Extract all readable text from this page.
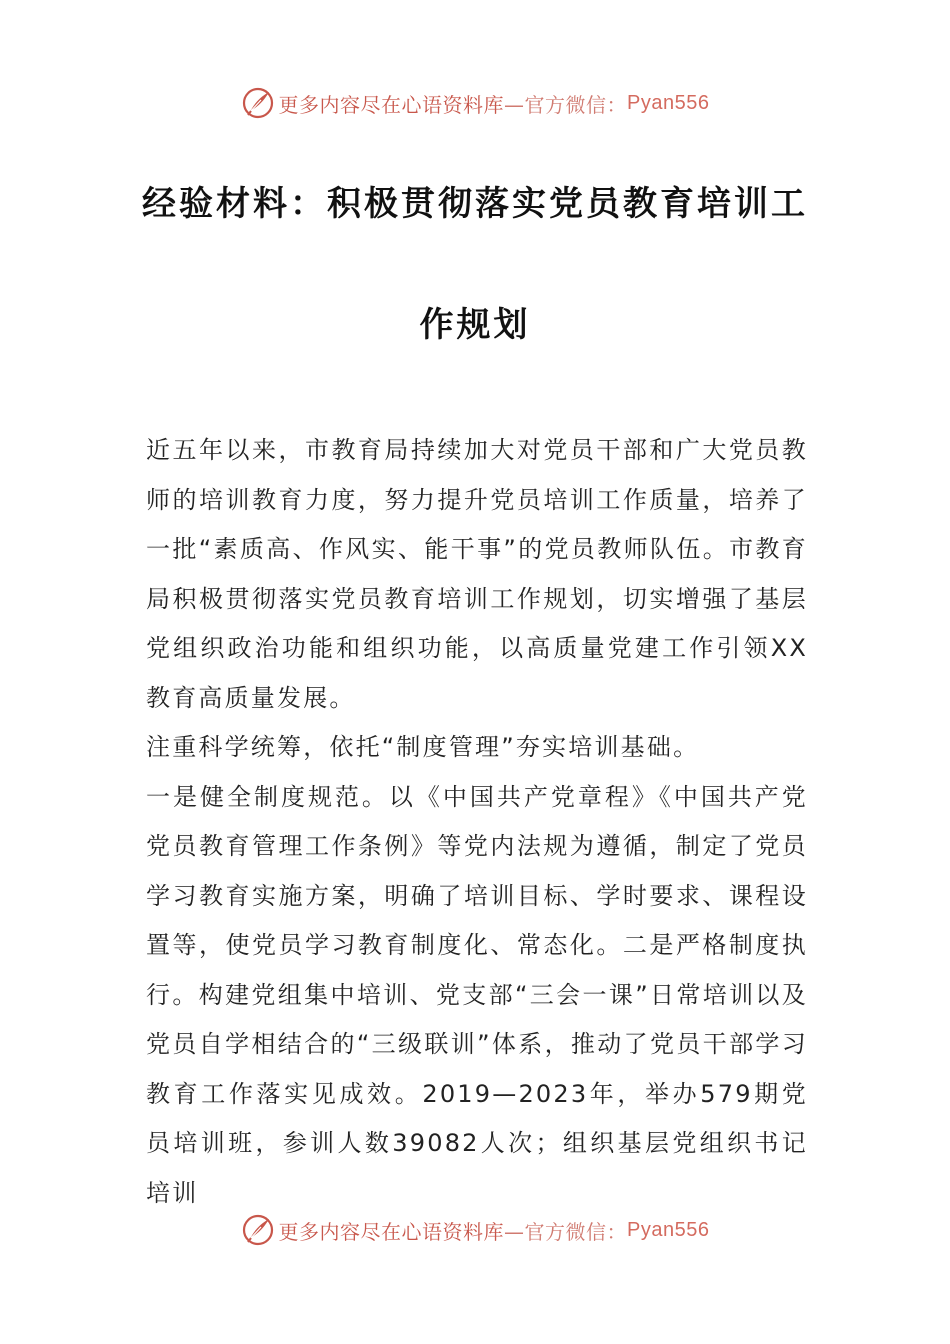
更多内容尽在心语资料库 —官方微信： Pyan556
经验材料：积极贯彻落实党员教育培训工
作规划

近五年以来，市教育局持续加大对党员干部和广大党员教师的培训教育力度，努力提升党员培训工作质量，培养了一批“素质高、作风实、能干事”的党员教师队伍。市教育局积极贯彻落实党员教育培训工作规划，切实增强了基层党组织政治功能和组织功能，以高质量党建工作引领XX教育高质量发展。

注重科学统筹，依托“制度管理”夯实培训基础。

一是健全制度规范。以《中国共产党章程》《中国共产党党员教育管理工作条例》等党内法规为遵循，制定了党员学习教育实施方案，明确了培训目标、学时要求、课程设置等，使党员学习教育制度化、常态化。二是严格制度执行。构建党组集中培训、党支部“三会一课”日常培训以及党员自学相结合的“三级联训”体系，推动了党员干部学习教育工作落实见成效。2019—2023年，举办579期党员培训班，参训人数39082人次；组织基层党组织书记培训

更多内容尽在心语资料库 —官方微信： Pyan556
